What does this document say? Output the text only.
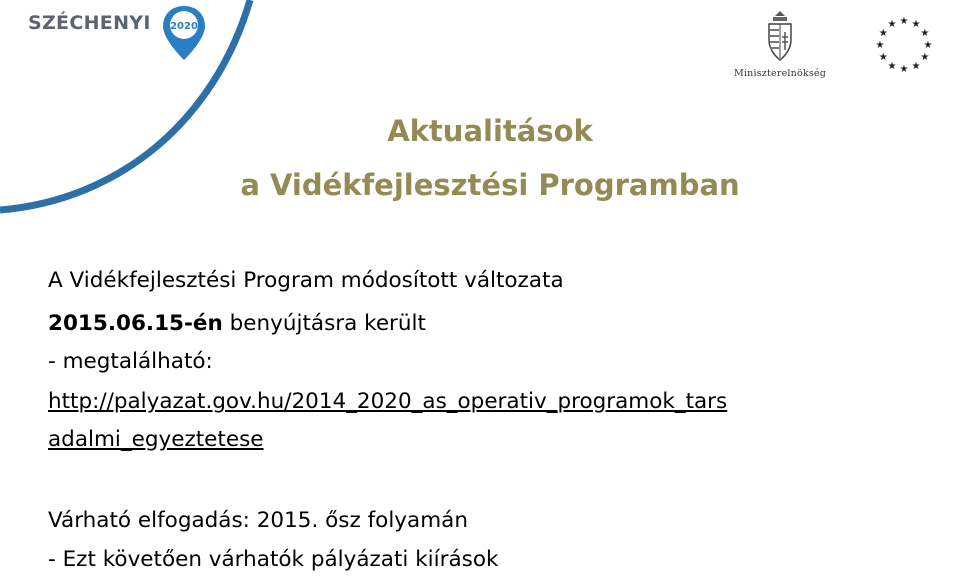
SZÉCHENYI 2020
Miniszterelnökség
★ ★
★
★
★
★
★
★
★
★
★
★
Aktualitások
a Vidékfejlesztési Programban
A Vidékfejlesztési Program módosított változata
2015.06.15-én benyújtásra került
- megtalálható:
http://palyazat.gov.hu/2014_2020_as_operativ_programok_tars
adalmi_egyeztetese
Várható elfogadás: 2015. ősz folyamán
- Ezt követően várhatók pályázati kiírások
